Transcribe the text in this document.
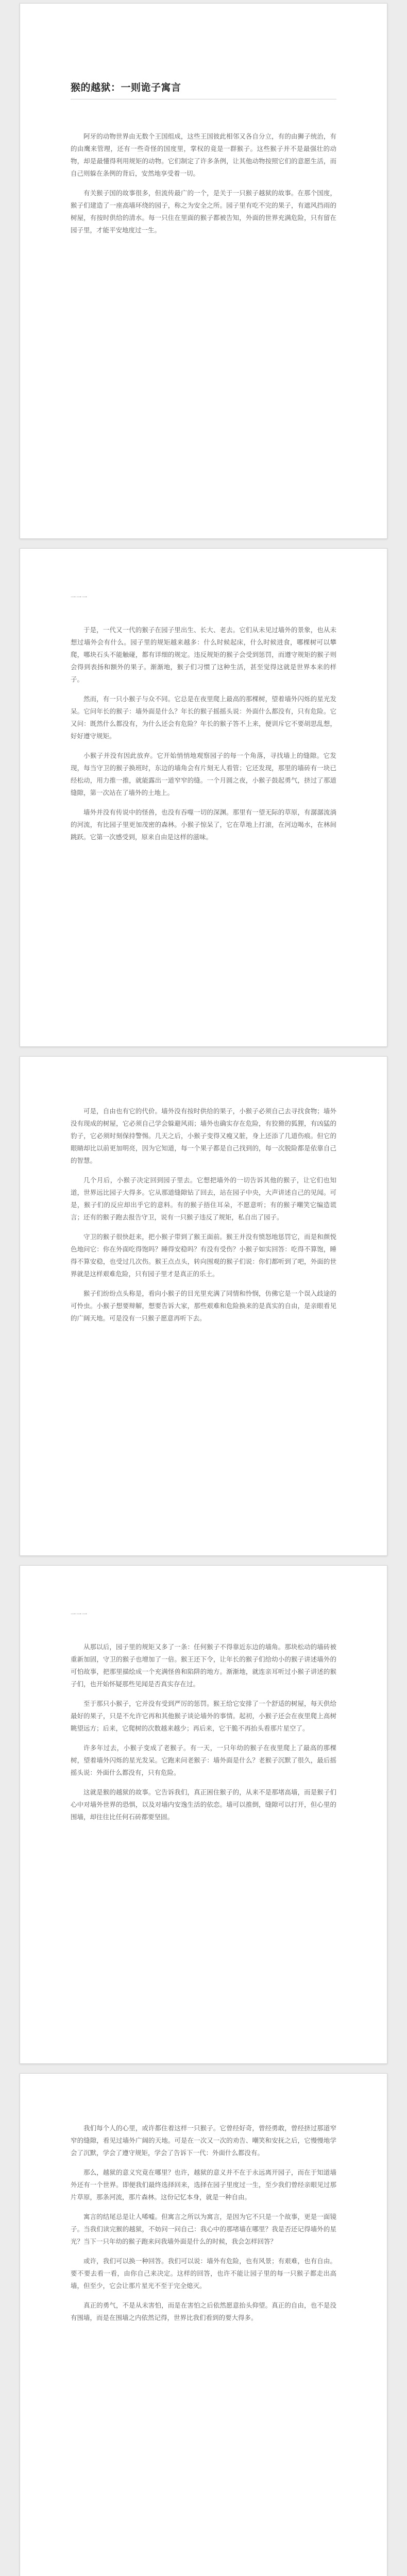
猴的越狱：一则诡子寓言

阿牙的动物世界由无数个王国组成，这些王国彼此相邻又各自分立，有的由狮子统治，有的由鹰来管理，还有一些奇怪的国度里，掌权的竟是一群猴子。这些猴子并不是最强壮的动物，却是最懂得利用规矩的动物。它们制定了许多条例，让其他动物按照它们的意愿生活，而自己则躲在条例的背后，安然地享受着一切。

有关猴子国的故事很多，但流传最广的一个，是关于一只猴子越狱的故事。在那个国度，猴子们建造了一座高墙环绕的园子，称之为安全之所。园子里有吃不完的果子，有遮风挡雨的树屋，有按时供给的清水。每一只住在里面的猴子都被告知，外面的世界充满危险，只有留在园子里，才能平安地度过一生。

一一一

于是，一代又一代的猴子在园子里出生、长大、老去。它们从未见过墙外的景象，也从未想过墙外会有什么。园子里的规矩越来越多：什么时候起床，什么时候进食，哪棵树可以攀爬，哪块石头不能触碰，都有详细的规定。违反规矩的猴子会受到惩罚，而遵守规矩的猴子则会得到表扬和额外的果子。渐渐地，猴子们习惯了这种生活，甚至觉得这就是世界本来的样子。

然而，有一只小猴子与众不同。它总是在夜里爬上最高的那棵树，望着墙外闪烁的星光发呆。它问年长的猴子：墙外面是什么？年长的猴子摇摇头说：外面什么都没有，只有危险。它又问：既然什么都没有，为什么还会有危险？年长的猴子答不上来，便训斥它不要胡思乱想，好好遵守规矩。

小猴子并没有因此放弃。它开始悄悄地观察园子的每一个角落，寻找墙上的缝隙。它发现，每当守卫的猴子换班时，东边的墙角会有片刻无人看管；它还发现，那里的墙砖有一块已经松动，用力推一推，就能露出一道窄窄的缝。一个月圆之夜，小猴子鼓起勇气，挤过了那道缝隙，第一次站在了墙外的土地上。

墙外并没有传说中的怪兽，也没有吞噬一切的深渊。那里有一望无际的草原，有潺潺流淌的河流，有比园子里更加茂密的森林。小猴子惊呆了，它在草地上打滚，在河边喝水，在林间跳跃。它第一次感受到，原来自由是这样的滋味。

可是，自由也有它的代价。墙外没有按时供给的果子，小猴子必须自己去寻找食物；墙外没有现成的树屋，它必须自己学会躲避风雨；墙外也确实存在危险，有狡猾的狐狸，有凶猛的豹子，它必须时刻保持警惕。几天之后，小猴子变得又瘦又脏，身上还添了几道伤痕。但它的眼睛却比以前更加明亮，因为它知道，每一个果子都是自己找到的，每一次脱险都是依靠自己的智慧。

几个月后，小猴子决定回到园子里去。它想把墙外的一切告诉其他的猴子，让它们也知道，世界远比园子大得多。它从那道缝隙钻了回去，站在园子中央，大声讲述自己的见闻。可是，猴子们的反应却出乎它的意料。有的猴子捂住耳朵，不愿意听；有的猴子嘲笑它编造谎言；还有的猴子跑去报告守卫，说有一只猴子违反了规矩，私自出了园子。

守卫的猴子很快赶来，把小猴子带到了猴王面前。猴王并没有愤怒地惩罚它，而是和颜悦色地问它：你在外面吃得饱吗？睡得安稳吗？有没有受伤？小猴子如实回答：吃得不算饱，睡得不算安稳，也受过几次伤。猴王点点头，转向围观的猴子们说：你们都听到了吧，外面的世界就是这样艰难危险，只有园子里才是真正的乐土。

猴子们纷纷点头称是，看向小猴子的目光里充满了同情和怜悯，仿佛它是一个误入歧途的可怜虫。小猴子想要辩解，想要告诉大家，那些艰难和危险换来的是真实的自由，是亲眼看见的广阔天地。可是没有一只猴子愿意再听下去。

一一一

从那以后，园子里的规矩又多了一条：任何猴子不得靠近东边的墙角。那块松动的墙砖被重新加固，守卫的猴子也增加了一倍。猴王还下令，让年长的猴子们给幼小的猴子讲述墙外的可怕故事，把那里描绘成一个充满怪兽和陷阱的地方。渐渐地，就连亲耳听过小猴子讲述的猴子们，也开始怀疑那些见闻是否真实存在过。

至于那只小猴子，它并没有受到严厉的惩罚。猴王给它安排了一个舒适的树屋，每天供给最好的果子，只是不允许它再和其他猴子谈论墙外的事情。起初，小猴子还会在夜里爬上高树眺望远方；后来，它爬树的次数越来越少；再后来，它干脆不再抬头看那片星空了。

许多年过去，小猴子变成了老猴子。有一天，一只年幼的猴子在夜里爬上了最高的那棵树，望着墙外闪烁的星光发呆。它跑来问老猴子：墙外面是什么？老猴子沉默了很久，最后摇摇头说：外面什么都没有，只有危险。

这就是猴的越狱的故事。它告诉我们，真正困住猴子的，从来不是那堵高墙，而是猴子们心中对墙外世界的恐惧，以及对墙内安逸生活的依恋。墙可以推倒，缝隙可以打开，但心里的围墙，却往往比任何石砖都要坚固。

我们每个人的心里，或许都住着这样一只猴子。它曾经好奇，曾经勇敢，曾经挤过那道窄窄的缝隙，看见过墙外广阔的天地。可是在一次又一次的劝告、嘲笑和安抚之后，它慢慢地学会了沉默，学会了遵守规矩，学会了告诉下一代：外面什么都没有。

那么，越狱的意义究竟在哪里？也许，越狱的意义并不在于永远离开园子，而在于知道墙外还有一个世界。即便我们最终选择回来，选择在园子里度过一生，至少我们曾经亲眼见过那片草原，那条河流，那片森林。这份记忆本身，就是一种自由。

寓言的结尾总是让人唏嘘。但寓言之所以为寓言，是因为它不只是一个故事，更是一面镜子。当我们读完猴的越狱，不妨问一问自己：我心中的那堵墙在哪里？我是否还记得墙外的星光？当下一只年幼的猴子跑来问我墙外面是什么的时候，我会怎样回答？

或许，我们可以换一种回答。我们可以说：墙外有危险，也有风景；有艰难，也有自由。要不要去看一看，由你自己来决定。这样的回答，也许不能让园子里的每一只猴子都走出高墙，但至少，它会让那片星光不至于完全熄灭。

真正的勇气，不是从未害怕，而是在害怕之后依然愿意抬头仰望。真正的自由，也不是没有围墙，而是在围墙之内依然记得，世界比我们看到的要大得多。
